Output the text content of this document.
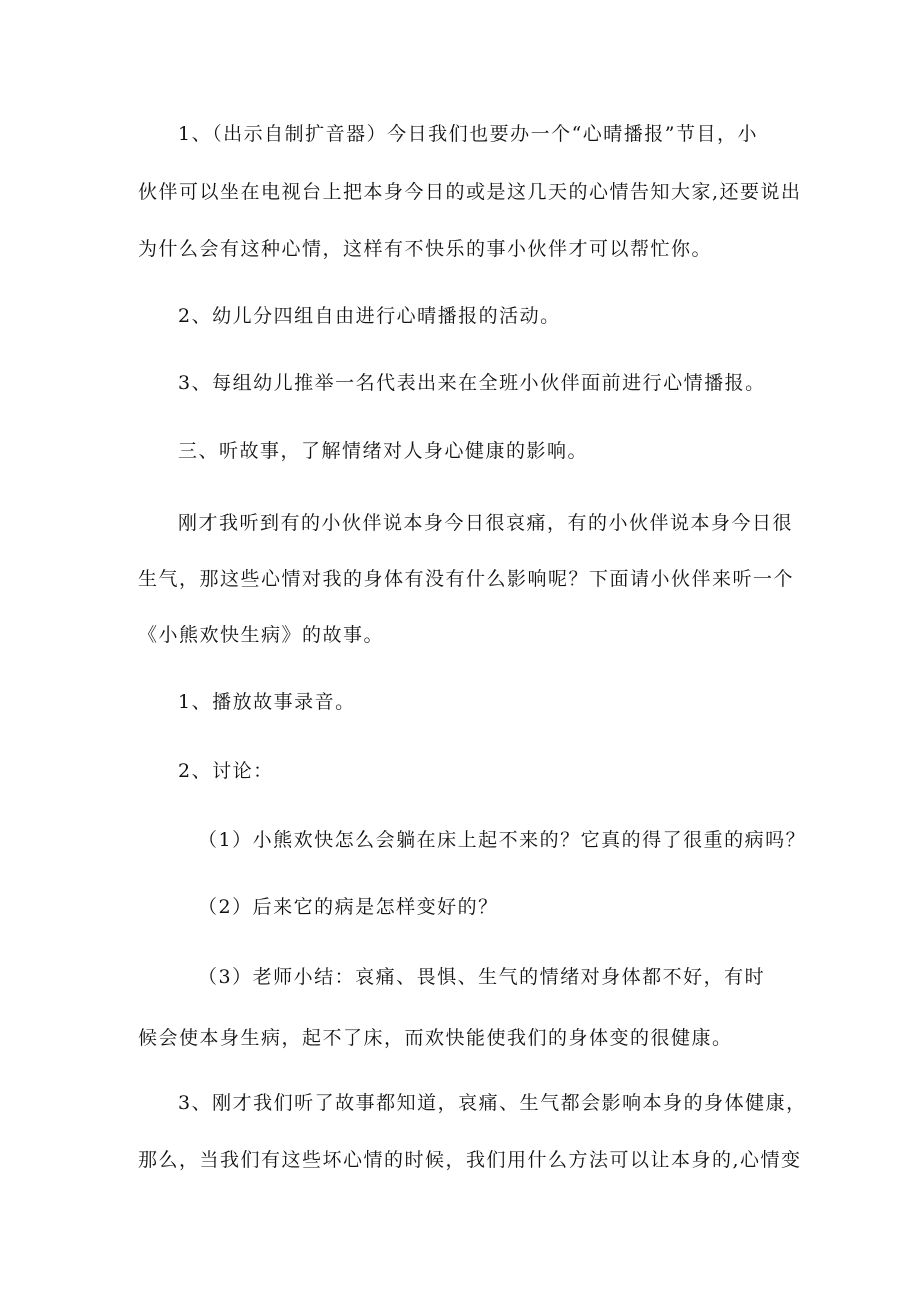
1、（出示自制扩音器）今日我们也要办一个“心晴播报”节目，小
伙伴可以坐在电视台上把本身今日的或是这几天的心情告知大家,还要说出
为什么会有这种心情，这样有不快乐的事小伙伴才可以帮忙你。
2、幼儿分四组自由进行心晴播报的活动。
3、每组幼儿推举一名代表出来在全班小伙伴面前进行心情播报。
三、听故事，了解情绪对人身心健康的影响。
刚才我听到有的小伙伴说本身今日很哀痛，有的小伙伴说本身今日很
生气，那这些心情对我的身体有没有什么影响呢？下面请小伙伴来听一个
《小熊欢快生病》的故事。
1、播放故事录音。
2、讨论：
（1）小熊欢快怎么会躺在床上起不来的？它真的得了很重的病吗？
（2）后来它的病是怎样变好的？
（3）老师小结：哀痛、畏惧、生气的情绪对身体都不好，有时
候会使本身生病，起不了床，而欢快能使我们的身体变的很健康。
3、刚才我们听了故事都知道，哀痛、生气都会影响本身的身体健康，
那么，当我们有这些坏心情的时候，我们用什么方法可以让本身的,心情变
